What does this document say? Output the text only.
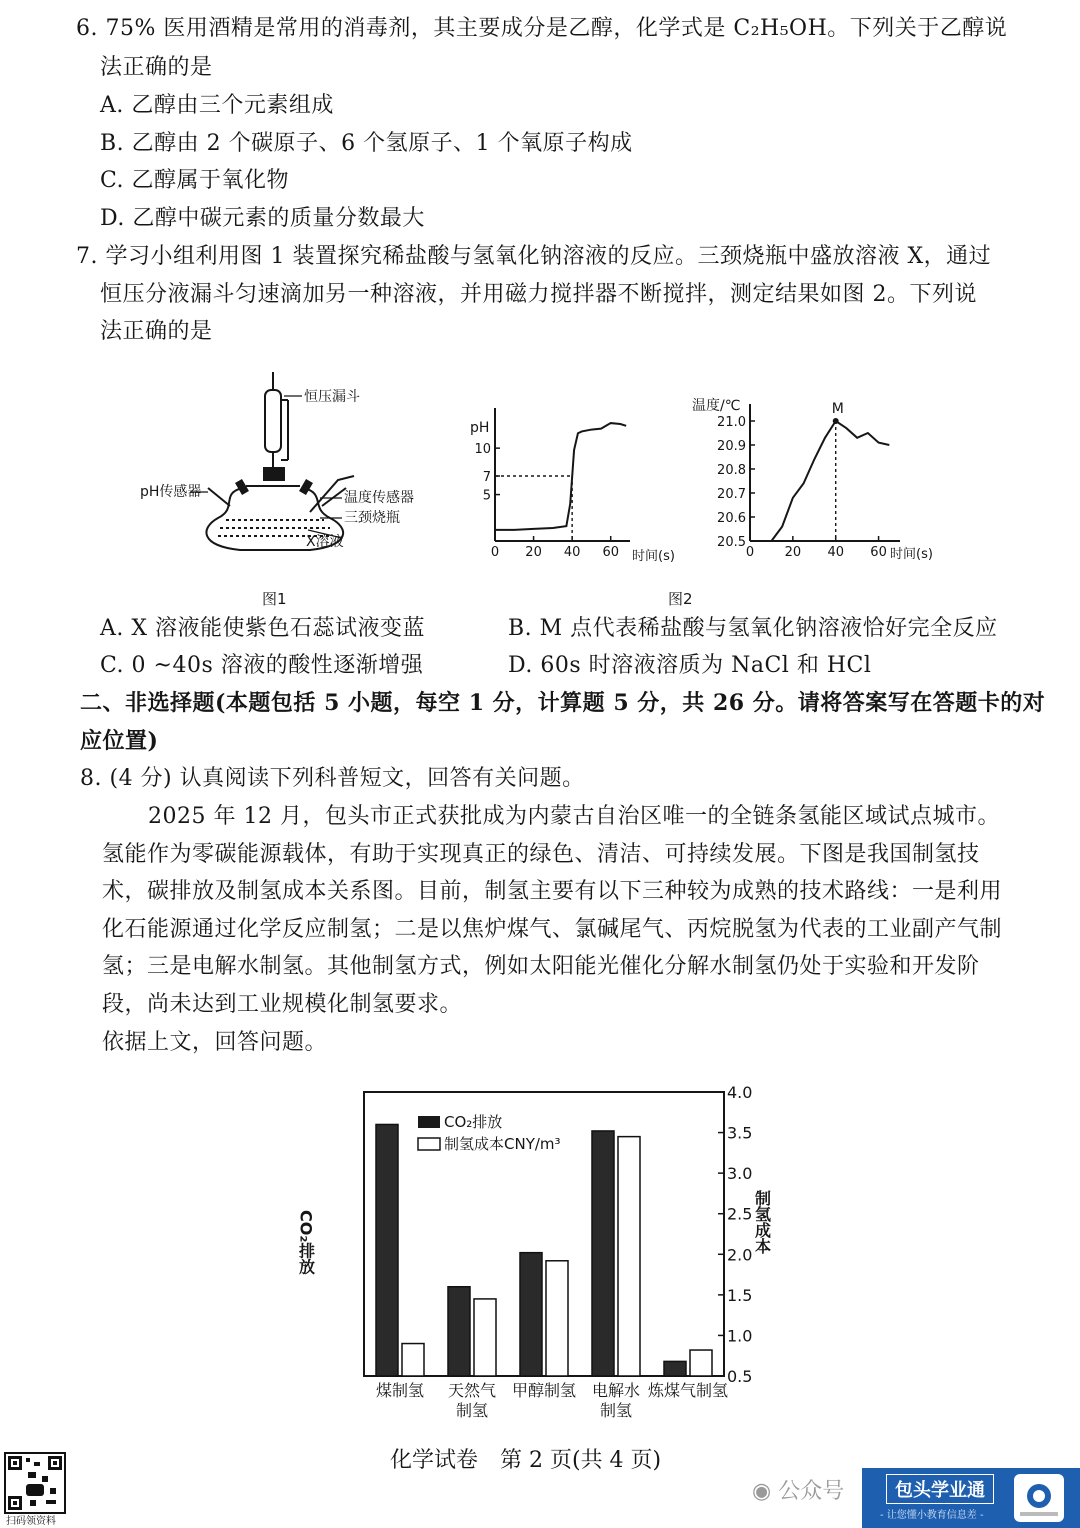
6. 75% 医用酒精是常用的消毒剂，其主要成分是乙醇，化学式是 C₂H₅OH。下列关于乙醇说
法正确的是
A. 乙醇由三个元素组成
B. 乙醇由 2 个碳原子、6 个氢原子、1 个氧原子构成
C. 乙醇属于氧化物
D. 乙醇中碳元素的质量分数最大
7. 学习小组利用图 1 装置探究稀盐酸与氢氧化钠溶液的反应。三颈烧瓶中盛放溶液 X，通过
恒压分液漏斗匀速滴加另一种溶液，并用磁力搅拌器不断搅拌，测定结果如图 2。下列说
法正确的是
恒压漏斗
pH传感器	温度传感器
三颈烧瓶
X溶液
图1
pH
10
7
5
0 20 40 60 时间(s)
图2
温度/℃
21.0
20.9
20.8
20.7
20.6
20.5
0 20 40 60 时间(s)
M
A. X 溶液能使紫色石蕊试液变蓝	B. M 点代表稀盐酸与氢氧化钠溶液恰好完全反应
C. 0 ~40s 溶液的酸性逐渐增强	D. 60s 时溶液溶质为 NaCl 和 HCl
二、非选择题(本题包括 5 小题，每空 1 分，计算题 5 分，共 26 分。请将答案写在答题卡的对
应位置)
8. (4 分) 认真阅读下列科普短文，回答有关问题。
2025 年 12 月，包头市正式获批成为内蒙古自治区唯一的全链条氢能区域试点城市。
氢能作为零碳能源载体，有助于实现真正的绿色、清洁、可持续发展。下图是我国制氢技
术，碳排放及制氢成本关系图。目前，制氢主要有以下三种较为成熟的技术路线：一是利用
化石能源通过化学反应制氢；二是以焦炉煤气、氯碱尾气、丙烷脱氢为代表的工业副产气制
氢；三是电解水制氢。其他制氢方式，例如太阳能光催化分解水制氢仍处于实验和开发阶
段，尚未达到工业规模化制氢要求。
依据上文，回答问题。
4.0
3.5
3.0
2.5
2.0
1.5
1.0
0.5
煤制氢 天然气
制氢
甲醇制氢 电解水
制氢
炼煤气制氢
CO₂排放
制氢成本CNY/m³
CO₂排放	制氢成本
化学试卷　第 2 页(共 4 页)
扫码领资料
◉ 公众号	包头学业通
- 让您懂小教育信息差 -
